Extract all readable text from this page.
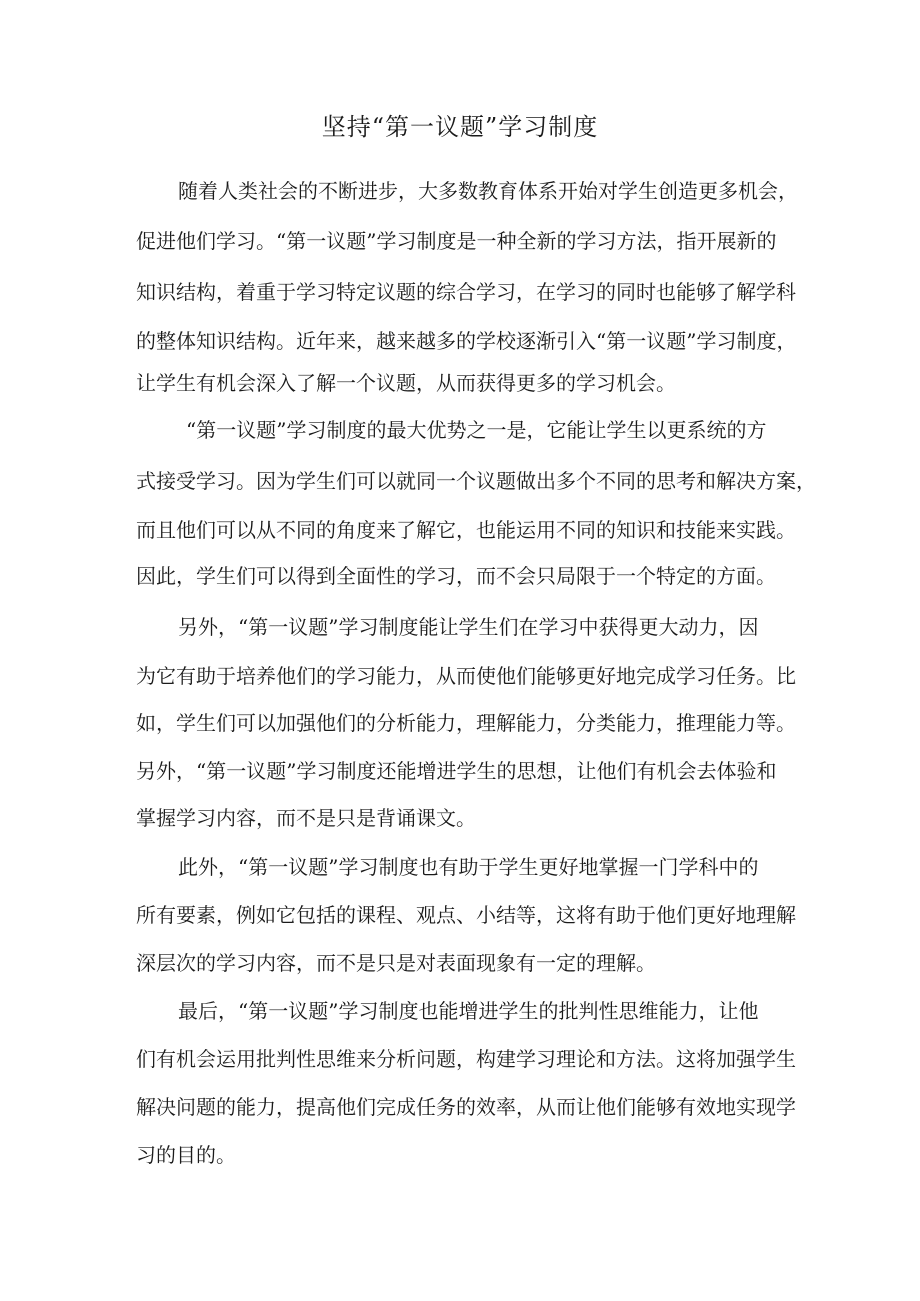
坚持“第一议题”学习制度

随着人类社会的不断进步，大多数教育体系开始对学生创造更多机会，

促进他们学习。“第一议题”学习制度是一种全新的学习方法，指开展新的

知识结构，着重于学习特定议题的综合学习，在学习的同时也能够了解学科

的整体知识结构。近年来，越来越多的学校逐渐引入“第一议题”学习制度，

让学生有机会深入了解一个议题，从而获得更多的学习机会。

“第一议题”学习制度的最大优势之一是，它能让学生以更系统的方

式接受学习。因为学生们可以就同一个议题做出多个不同的思考和解决方案，

而且他们可以从不同的角度来了解它，也能运用不同的知识和技能来实践。

因此，学生们可以得到全面性的学习，而不会只局限于一个特定的方面。

另外，“第一议题”学习制度能让学生们在学习中获得更大动力，因

为它有助于培养他们的学习能力，从而使他们能够更好地完成学习任务。比

如，学生们可以加强他们的分析能力，理解能力，分类能力，推理能力等。

另外，“第一议题”学习制度还能增进学生的思想，让他们有机会去体验和

掌握学习内容，而不是只是背诵课文。

此外，“第一议题”学习制度也有助于学生更好地掌握一门学科中的

所有要素，例如它包括的课程、观点、小结等，这将有助于他们更好地理解

深层次的学习内容，而不是只是对表面现象有一定的理解。

最后，“第一议题”学习制度也能增进学生的批判性思维能力，让他

们有机会运用批判性思维来分析问题，构建学习理论和方法。这将加强学生

解决问题的能力，提高他们完成任务的效率，从而让他们能够有效地实现学

习的目的。
